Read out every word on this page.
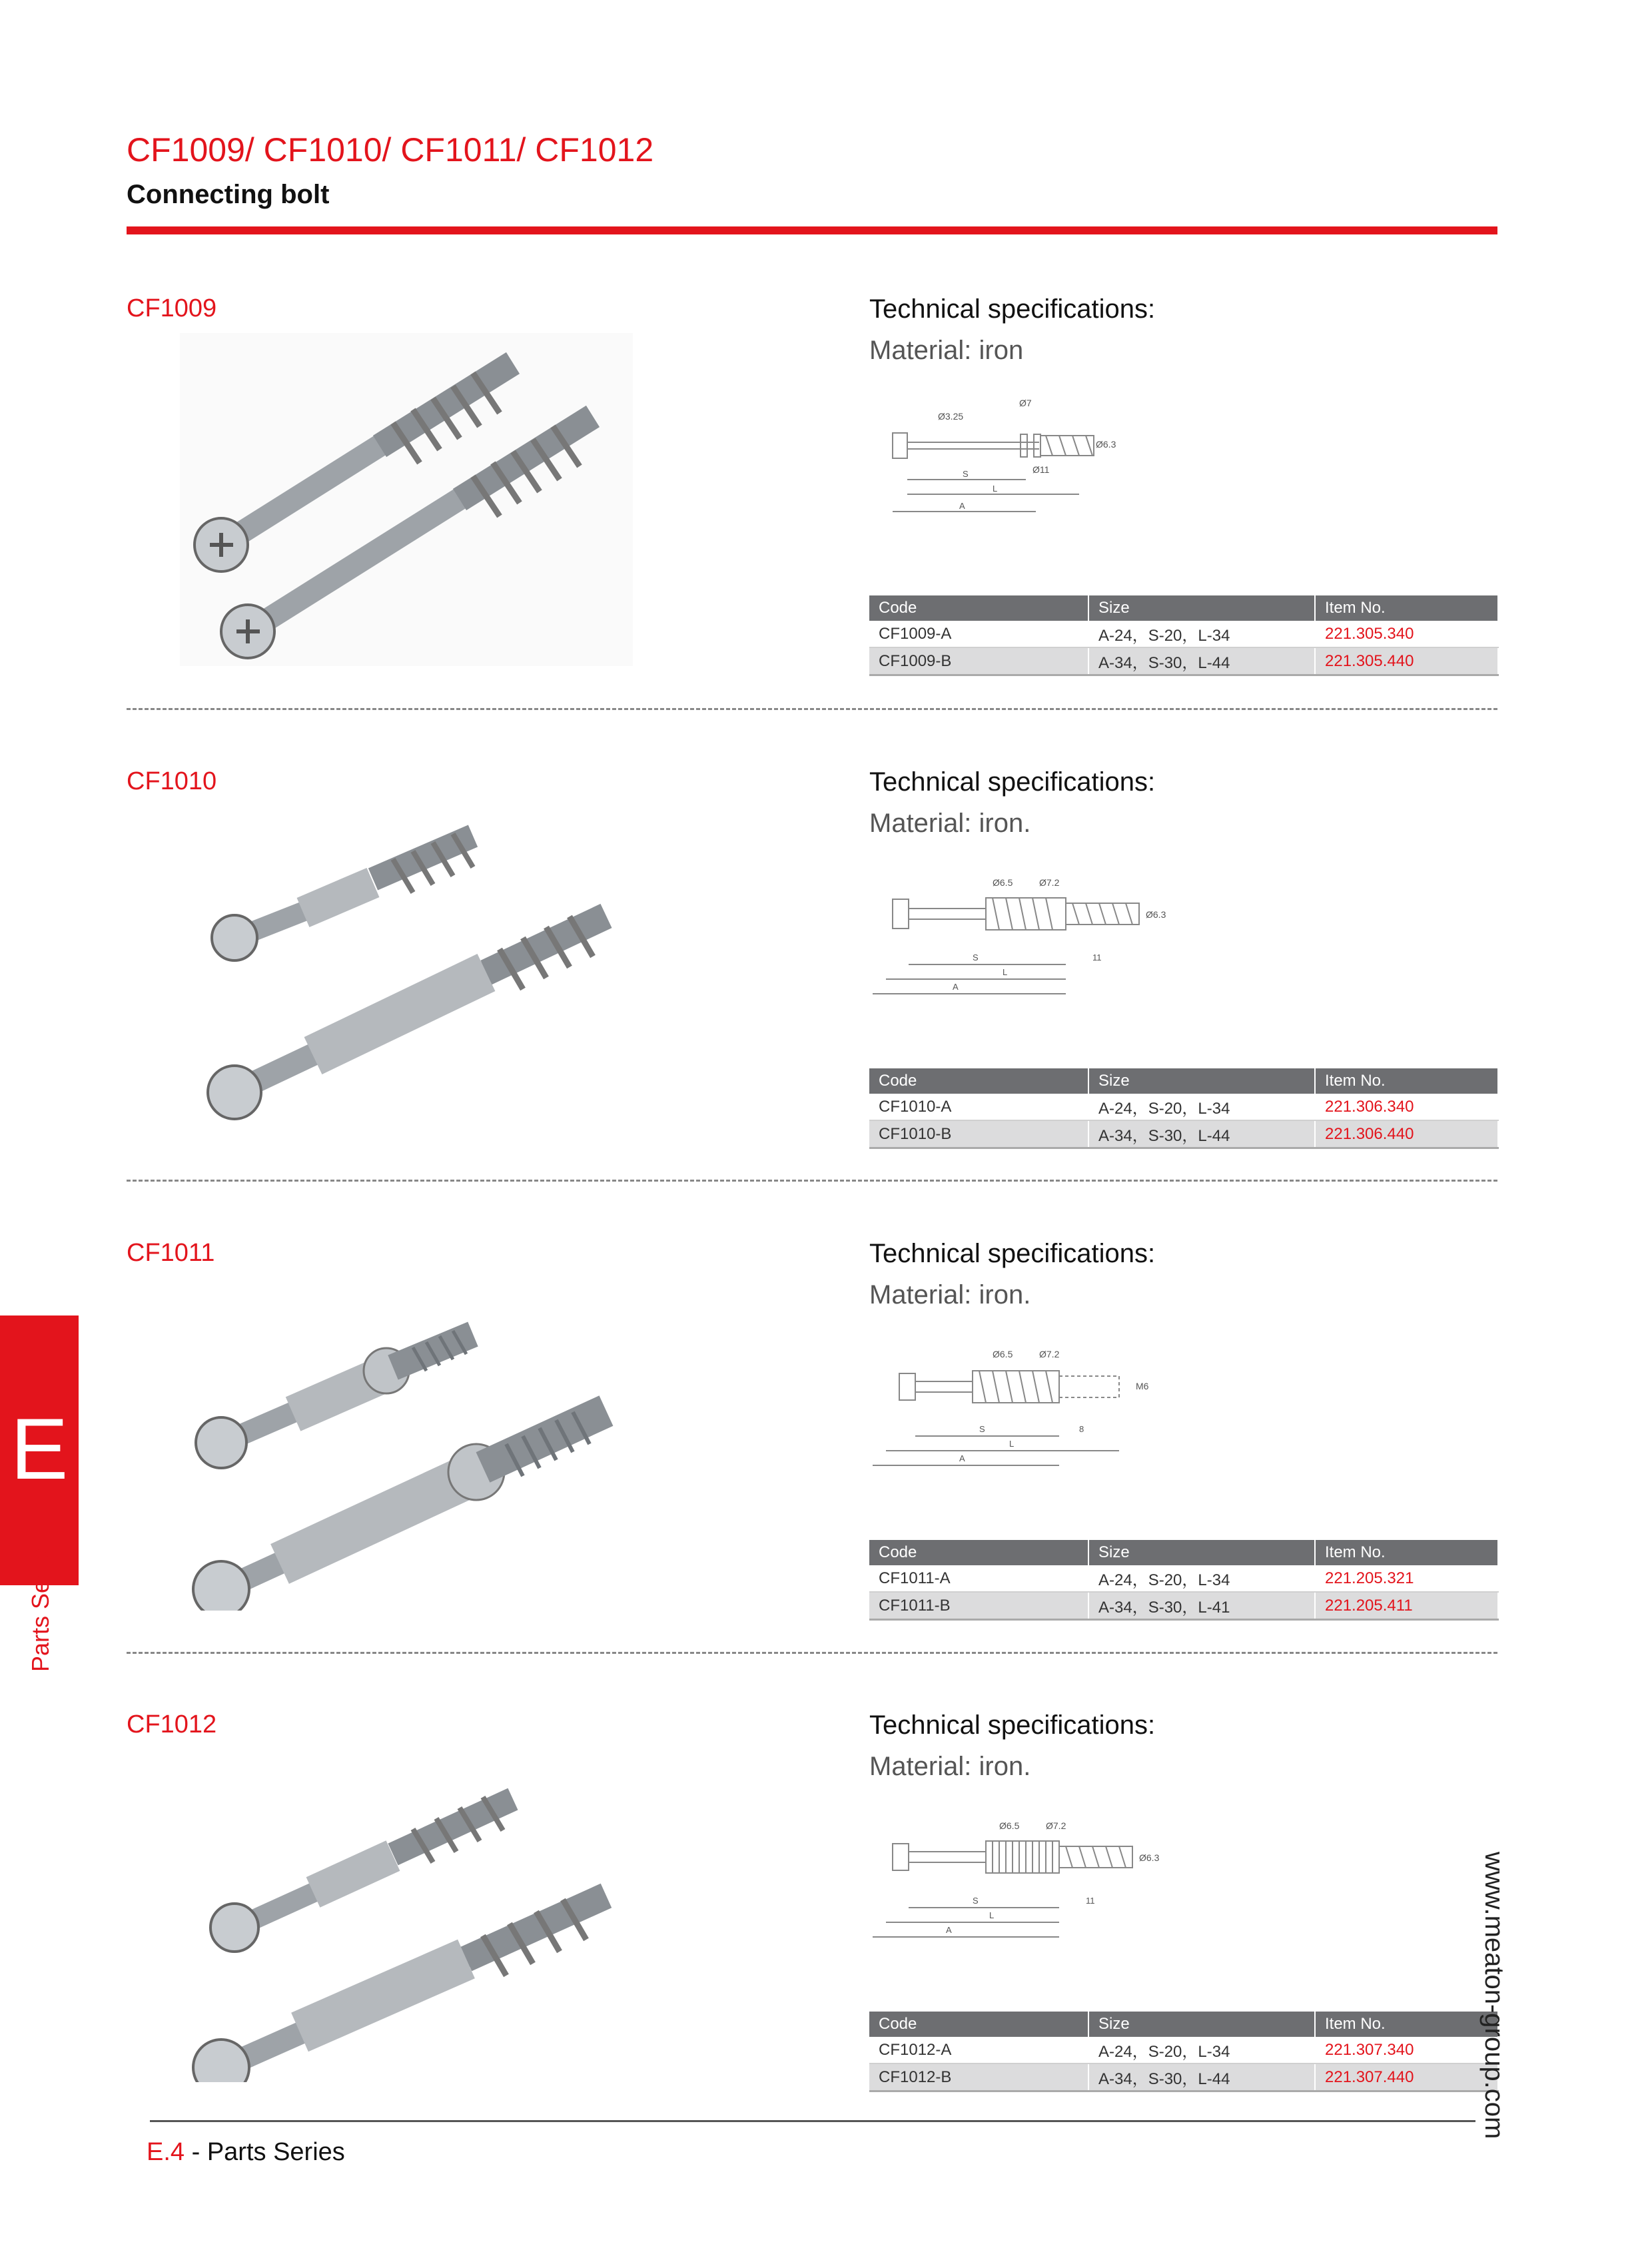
CF1009/ CF1010/ CF1011/ CF1012
Connecting bolt
CF1009	Technical specifications:
Material: iron
Ø3.25
Ø7
Ø6.3
Ø11
S
L
A
Code	Size	Item No.
CF1009-A	A-24，S-20，L-34	221.305.340
CF1009-B	A-34，S-30，L-44	221.305.440
CF1010	Technical specifications:
Material: iron.
Ø6.5	Ø7.2
Ø6.3
11
S
L
A
Code	Size	Item No.
CF1010-A	A-24，S-20，L-34	221.306.340
CF1010-B	A-34，S-30，L-44	221.306.440
CF1011	Technical specifications:
Material: iron.
Ø6.5	Ø7.2
M6
8
S
L
A
Code	Size	Item No.
CF1011-A	A-24，S-20，L-34	221.205.321
CF1011-B	A-34，S-30，L-41	221.205.411
CF1012	Technical specifications:
Material: iron.
Ø6.5	Ø7.2
Ø6.3
11
S
L
A
Code	Size	Item No.
CF1012-A	A-24，S-20，L-34	221.307.340
CF1012-B	A-34，S-30，L-44	221.307.440
E
Parts Series
www.meaton-group.com
E.4 - Parts Series
